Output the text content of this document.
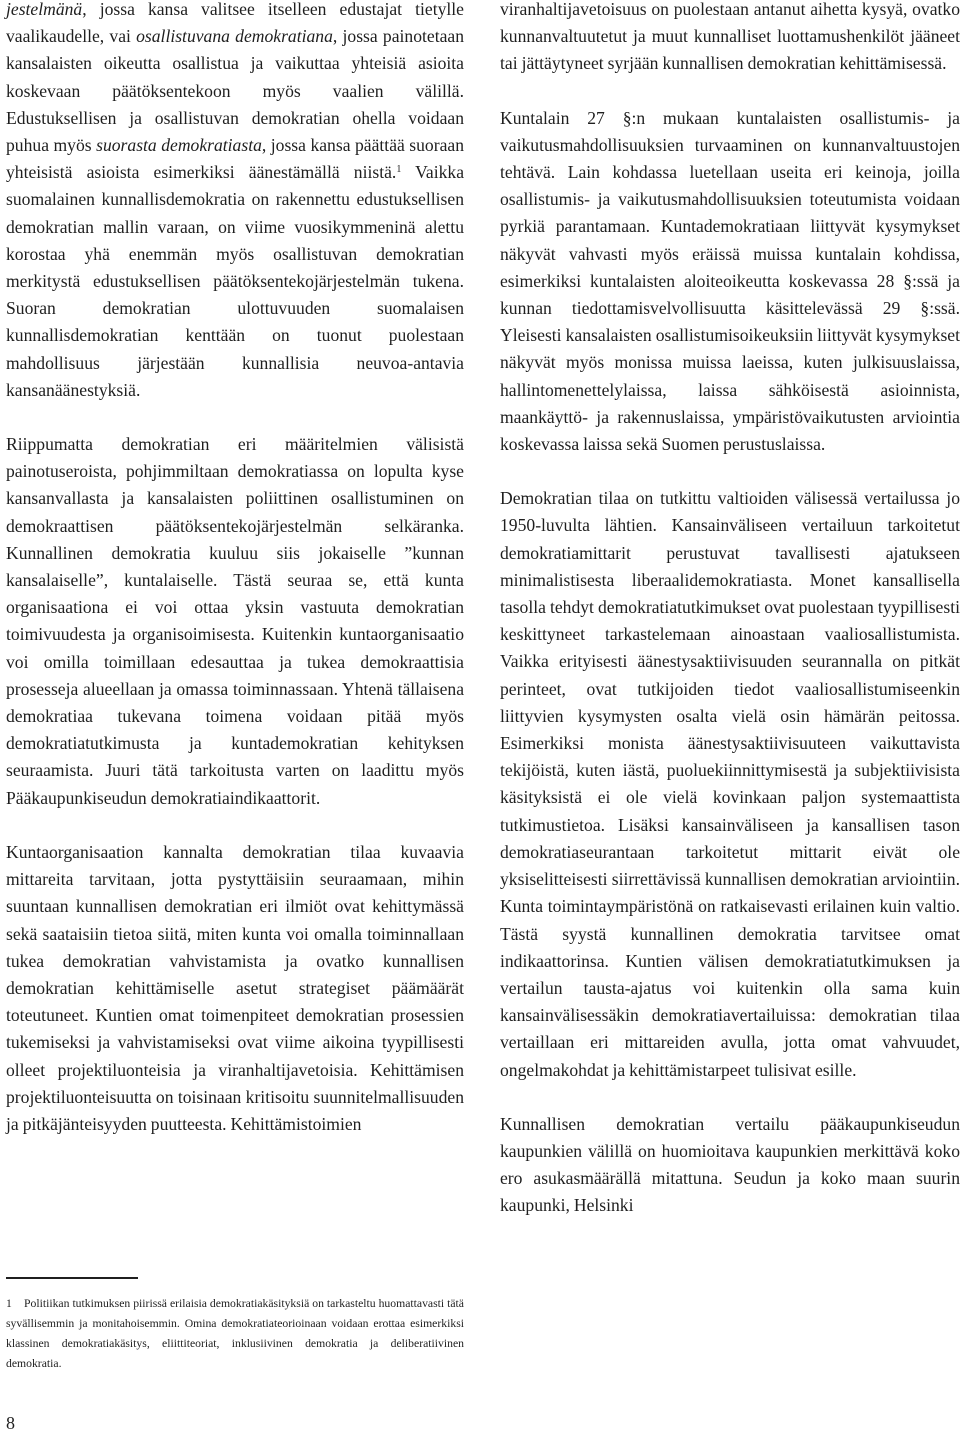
jestelmänä, jossa kansa valitsee itselleen edustajat tietylle vaalikaudelle, vai osallistuvana demokratiana, jossa painotetaan kansalaisten oikeutta osallistua ja vaikuttaa yhteisiä asioita koskevaan päätöksentekoon myös vaalien välillä. Edustuksellisen ja osallistuvan demokratian ohella voidaan puhua myös suorasta demokratiasta, jossa kansa päättää suoraan yhteisistä asioista esimerkiksi äänestämällä niistä.$^1$ Vaikka suomalainen kunnallisdemokratia on rakennettu edustuksellisen demokratian mallin varaan, on viime vuosikymmeninä alettu korostaa yhä enemmän myös osallistuvan demokratian merkitystä edustuksellisen päätöksentekojärjestelmän tukena. Suoran demokratian ulottuvuuden suomalaisen kunnallisdemokratian kenttään on tuonut puolestaan mahdollisuus järjestään kunnallisia neuvoa-antavia kansanäänestyksiä.

Riippumatta demokratian eri määritelmien välisistä painotuseroista, pohjimmiltaan demokratiassa on lopulta kyse kansanvallasta ja kansalaisten poliittinen osallistuminen on demokraattisen päätöksentekojärjestelmän selkäranka. Kunnallinen demokratia kuuluu siis jokaiselle ”kunnan kansalaiselle”, kuntalaiselle. Tästä seuraa se, että kunta organisaationa ei voi ottaa yksin vastuuta demokratian toimivuudesta ja organisoimisesta. Kuitenkin kuntaorganisaatio voi omilla toimillaan edesauttaa ja tukea demokraattisia prosesseja alueellaan ja omassa toiminnassaan. Yhtenä tällaisena demokratiaa tukevana toimena voidaan pitää myös demokratiatutkimusta ja kuntademokratian kehityksen seuraamista. Juuri tätä tarkoitusta varten on laadittu myös Pääkaupunkiseudun demokratiaindikaattorit.

Kuntaorganisaation kannalta demokratian tilaa kuvaavia mittareita tarvitaan, jotta pystyttäisiin seuraamaan, mihin suuntaan kunnallisen demokratian eri ilmiöt ovat kehittymässä sekä saataisiin tietoa siitä, miten kunta voi omalla toiminnallaan tukea demokratian vahvistamista ja ovatko kunnallisen demokratian kehittämiselle asetut strategiset päämäärät toteutuneet. Kuntien omat toimenpiteet demokratian prosessien tukemiseksi ja vahvistamiseksi ovat viime aikoina tyypillisesti olleet projektiluonteisia ja viranhaltijavetoisia. Kehittämisen projektiluonteisuutta on toisinaan kritisoitu suunnitelmallisuuden ja pitkäjänteisyyden puutteesta. Kehittämistoimien

viranhaltijavetoisuus on puolestaan antanut aihetta kysyä, ovatko kunnanvaltuutetut ja muut kunnalliset luottamushenkilöt jääneet tai jättäytyneet syrjään kunnallisen demokratian kehittämisessä.

Kuntalain 27 §:n mukaan kuntalaisten osallistumis- ja vaikutusmahdollisuuksien turvaaminen on kunnanvaltuustojen tehtävä. Lain kohdassa luetellaan useita eri keinoja, joilla osallistumis- ja vaikutusmahdollisuuksien toteutumista voidaan pyrkiä parantamaan. Kuntademokratiaan liittyvät kysymykset näkyvät vahvasti myös eräissä muissa kuntalain kohdissa, esimerkiksi kuntalaisten aloiteoikeutta koskevassa 28 §:ssä ja kunnan tiedottamisvelvollisuutta käsittelevässä 29 §:ssä. Yleisesti kansalaisten osallistumisoikeuksiin liittyvät kysymykset näkyvät myös monissa muissa laeissa, kuten julkisuuslaissa, hallintomenettelylaissa, laissa sähköisestä asioinnista, maankäyttö- ja rakennuslaissa, ympäristövaikutusten arviointia koskevassa laissa sekä Suomen perustuslaissa.

Demokratian tilaa on tutkittu valtioiden välisessä vertailussa jo 1950-luvulta lähtien. Kansainväliseen vertailuun tarkoitetut demokratiamittarit perustuvat tavallisesti ajatukseen minimalistisesta liberaalidemokratiasta. Monet kansallisella tasolla tehdyt demokratiatutkimukset ovat puolestaan tyypillisesti keskittyneet tarkastelemaan ainoastaan vaaliosallistumista. Vaikka erityisesti äänestysaktiivisuuden seurannalla on pitkät perinteet, ovat tutkijoiden tiedot vaaliosallistumiseenkin liittyvien kysymysten osalta vielä osin hämärän peitossa. Esimerkiksi monista äänestysaktiivisuuteen vaikuttavista tekijöistä, kuten iästä, puoluekiinnittymisestä ja subjektiivisista käsityksistä ei ole vielä kovinkaan paljon systemaattista tutkimustietoa. Lisäksi kansainväliseen ja kansallisen tason demokratiaseurantaan tarkoitetut mittarit eivät ole yksiselitteisesti siirrettävissä kunnallisen demokratian arviointiin. Kunta toimintaympäristönä on ratkaisevasti erilainen kuin valtio. Tästä syystä kunnallinen demokratia tarvitsee omat indikaattorinsa. Kuntien välisen demokratiatutkimuksen ja vertailun tausta-ajatus voi kuitenkin olla sama kuin kansainvälisessäkin demokratiavertailuissa: demokratian tilaa vertaillaan eri mittareiden avulla, jotta omat vahvuudet, ongelmakohdat ja kehittämistarpeet tulisivat esille.

Kunnallisen demokratian vertailu pääkaupunkiseudun kaupunkien välillä on huomioitava kaupunkien merkittävä koko ero asukasmäärällä mitattuna. Seudun ja koko maan suurin kaupunki, Helsinki

1 Politiikan tutkimuksen piirissä erilaisia demokratiakäsityksiä on tarkasteltu huomattavasti tätä syvällisemmin ja monitahoisemmin. Omina demokratiateorioinaan voidaan erottaa esimerkiksi klassinen demokratiakäsitys, eliittiteoriat, inklusiivinen demokratia ja deliberatiivinen demokratia.
8
